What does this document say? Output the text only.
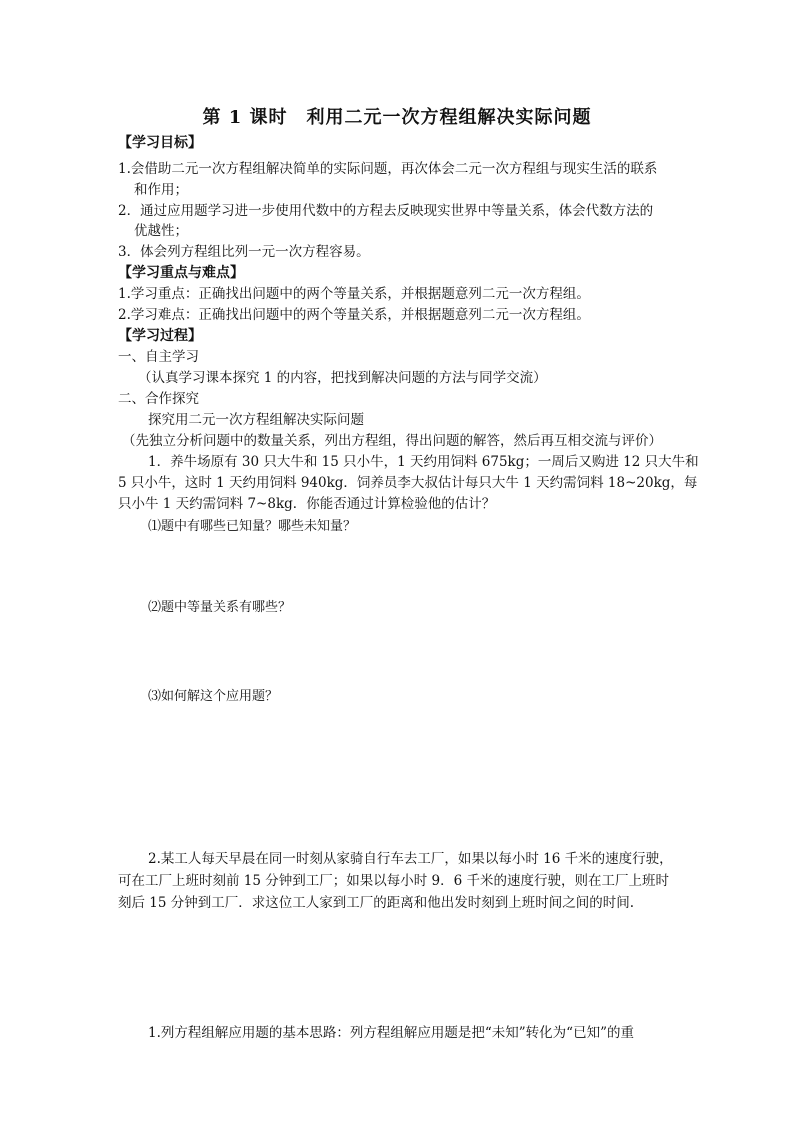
第 1 课时　利用二元一次方程组解决实际问题
【学习目标】
1.会借助二元一次方程组解决简单的实际问题，再次体会二元一次方程组与现实生活的联系
和作用；
2．通过应用题学习进一步使用代数中的方程去反映现实世界中等量关系，体会代数方法的
优越性；
3．体会列方程组比列一元一次方程容易。
【学习重点与难点】
1.学习重点：正确找出问题中的两个等量关系，并根据题意列二元一次方程组。
2.学习难点：正确找出问题中的两个等量关系，并根据题意列二元一次方程组。
【学习过程】
一、自主学习
（认真学习课本探究 1 的内容，把找到解决问题的方法与同学交流）
二、合作探究
探究用二元一次方程组解决实际问题
（先独立分析问题中的数量关系，列出方程组，得出问题的解答，然后再互相交流与评价）
1．养牛场原有 30 只大牛和 15 只小牛，1 天约用饲料 675kg；一周后又购进 12 只大牛和
5 只小牛，这时 1 天约用饲料 940kg．饲养员李大叔估计每只大牛 1 天约需饲料 18~20kg，每
只小牛 1 天约需饲料 7~8kg．你能否通过计算检验他的估计？
⑴题中有哪些已知量？哪些未知量？
⑵题中等量关系有哪些？
⑶如何解这个应用题？
2.某工人每天早晨在同一时刻从家骑自行车去工厂，如果以每小时 16 千米的速度行驶，
可在工厂上班时刻前 15 分钟到工厂；如果以每小时 9．6 千米的速度行驶，则在工厂上班时
刻后 15 分钟到工厂．求这位工人家到工厂的距离和他出发时刻到上班时间之间的时间.
1.列方程组解应用题的基本思路：列方程组解应用题是把“未知”转化为“已知”的重
